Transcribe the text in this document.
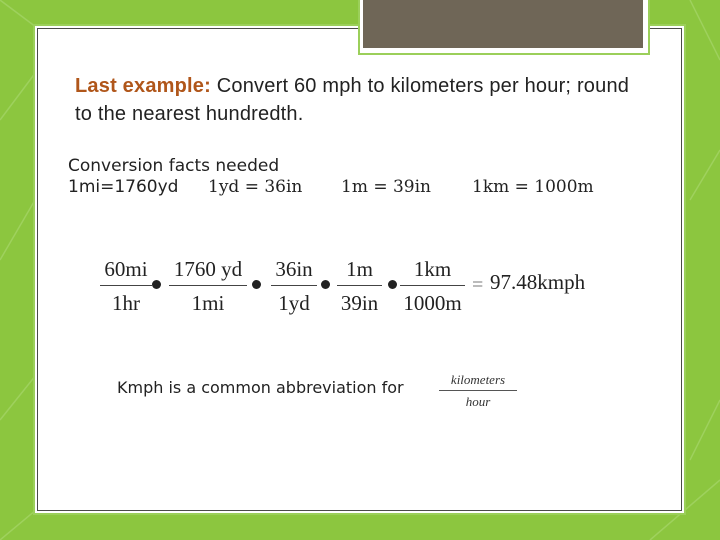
Last example: Convert 60 mph to kilometers per hour; round to the nearest hundredth.
Conversion facts needed
1mi=1760yd 1yd = 36in 1m = 39in 1km = 1000m
60mi
1hr
1760 yd
1mi
36in
1yd
1m
39in
1km
1000m
= 97.48kmph
Kmph is a common abbreviation for	kilometers
hour
